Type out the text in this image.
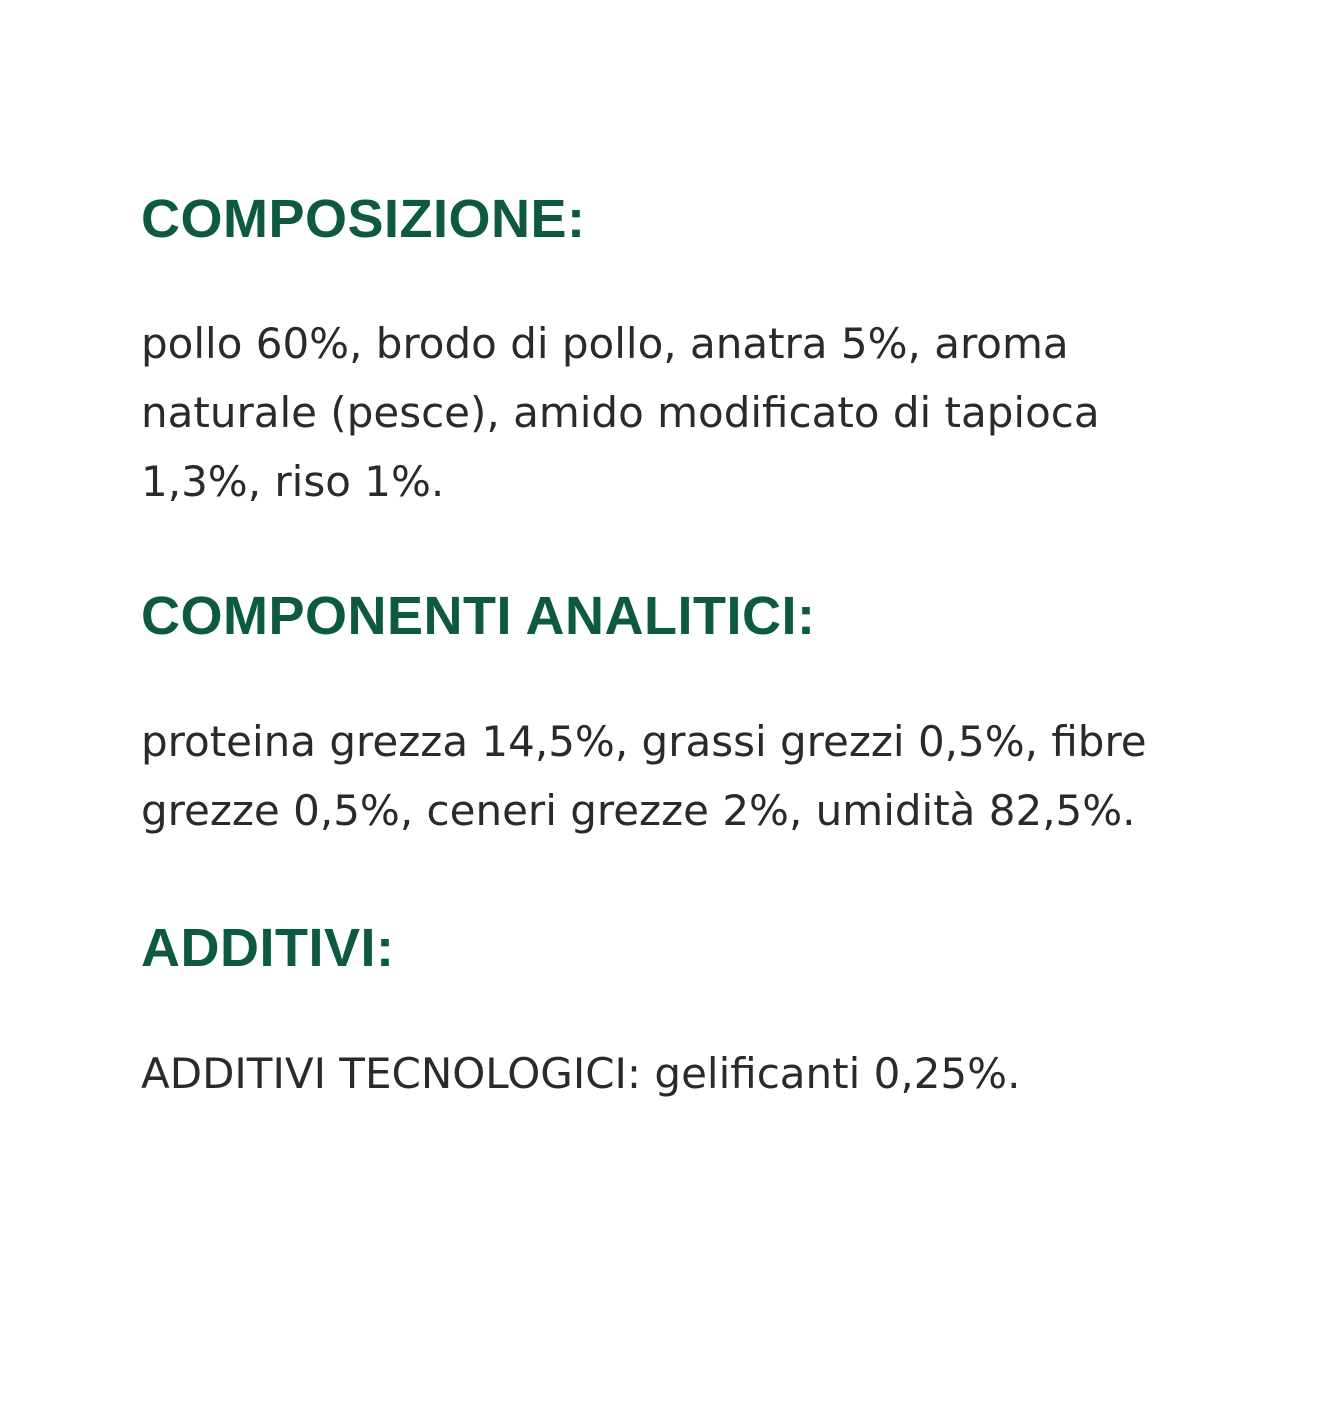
COMPOSIZIONE:

pollo 60%, brodo di pollo, anatra 5%, aroma
naturale (pesce), amido modificato di tapioca
1,3%, riso 1%.

COMPONENTI ANALITICI:

proteina grezza 14,5%, grassi grezzi 0,5%, fibre
grezze 0,5%, ceneri grezze 2%, umidità 82,5%.

ADDITIVI:

ADDITIVI TECNOLOGICI: gelificanti 0,25%.
